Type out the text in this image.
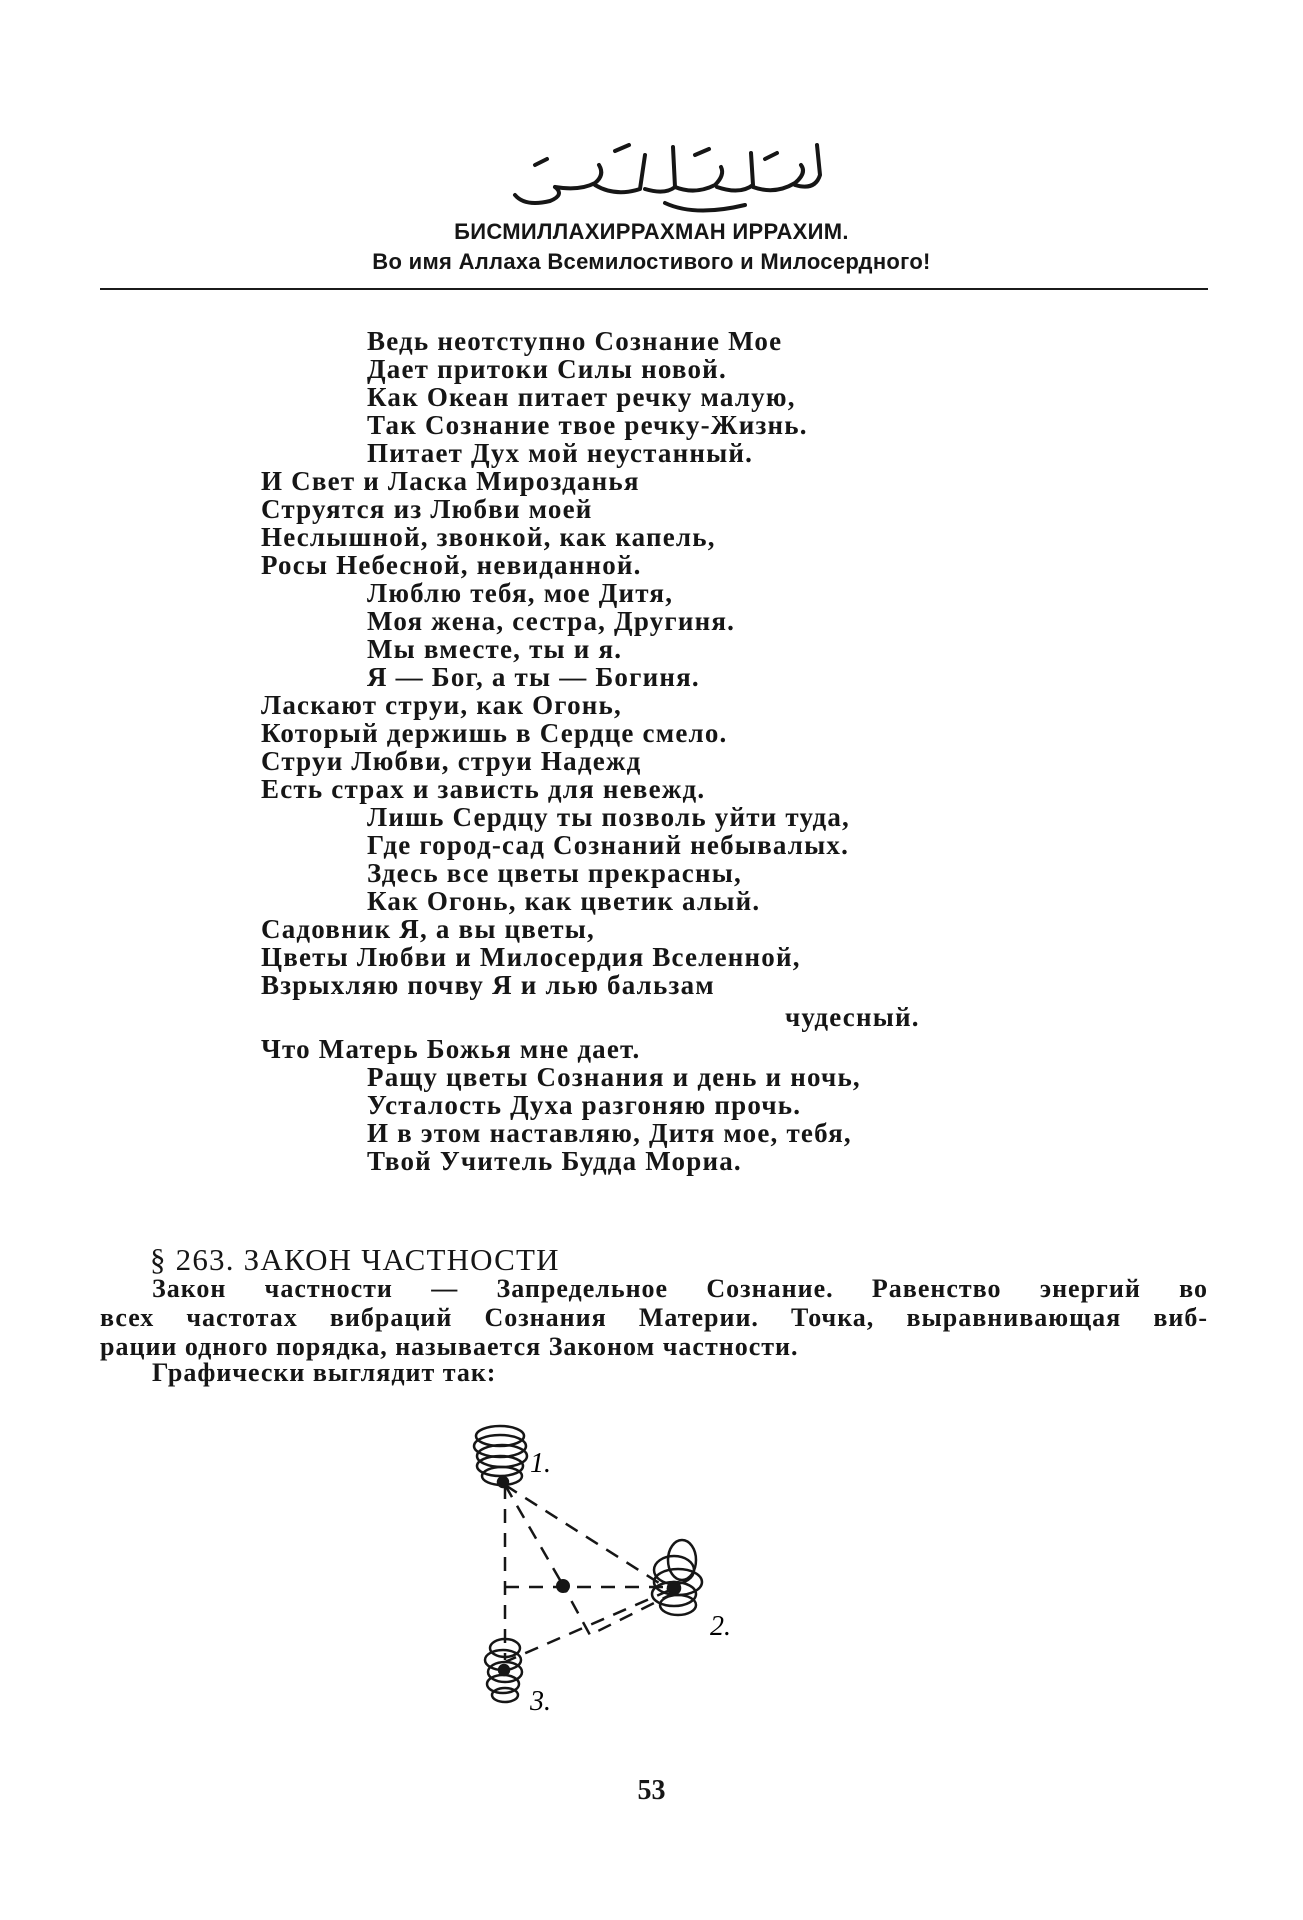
БИСМИЛЛАХИРРАХМАН ИРРАХИМ.
Во имя Аллаха Всемилостивого и Милосердного!
Ведь неотступно Сознание Мое
Дает притоки Силы новой.
Как Океан питает речку малую,
Так Сознание твое речку-Жизнь.
Питает Дух мой неустанный.
И Свет и Ласка Мирозданья
Струятся из Любви моей
Неслышной, звонкой, как капель,
Росы Небесной, невиданной.
Люблю тебя, мое Дитя,
Моя жена, сестра, Другиня.
Мы вместе, ты и я.
Я — Бог, а ты — Богиня.
Ласкают струи, как Огонь,
Который держишь в Сердце смело.
Струи Любви, струи Надежд
Есть страх и зависть для невежд.
Лишь Сердцу ты позволь уйти туда,
Где город-сад Сознаний небывалых.
Здесь все цветы прекрасны,
Как Огонь, как цветик алый.
Садовник Я, а вы цветы,
Цветы Любви и Милосердия Вселенной,
Взрыхляю почву Я и лью бальзам
чудесный.
Что Матерь Божья мне дает.
Ращу цветы Сознания и день и ночь,
Усталость Духа разгоняю прочь.
И в этом наставляю, Дитя мое, тебя,
Твой Учитель Будда Мориа.
§ 263. ЗАКОН ЧАСТНОСТИ
Закон частности — Запредельное Сознание. Равенство энергий во
всех частотах вибраций Сознания Материи. Точка, выравнивающая виб-
рации одного порядка, называется Законом частности.
Графически выглядит так:
1.
2.
3.
53
